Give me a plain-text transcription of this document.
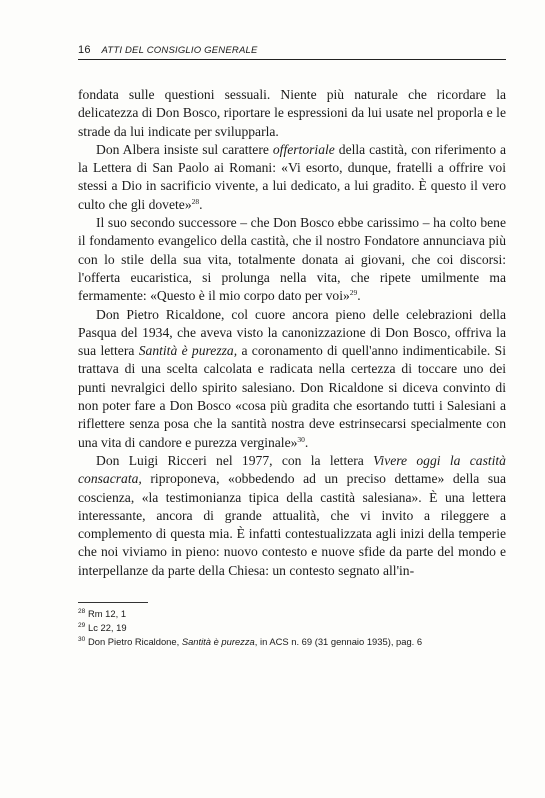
16 ATTI DEL CONSIGLIO GENERALE

fondata sulle questioni sessuali. Niente più naturale che ricordare la delicatezza di Don Bosco, riportare le espressioni da lui usate nel proporla e le strade da lui indicate per svilupparla.

Don Albera insiste sul carattere offertoriale della castità, con riferimento a la Lettera di San Paolo ai Romani: «Vi esorto, dunque, fratelli a offrire voi stessi a Dio in sacrificio vivente, a lui dedicato, a lui gradito. È questo il vero culto che gli dovete»$^{28}$.

Il suo secondo successore – che Don Bosco ebbe carissimo – ha colto bene il fondamento evangelico della castità, che il nostro Fondatore annunciava più con lo stile della sua vita, totalmente donata ai giovani, che coi discorsi: l'offerta eucaristica, si prolunga nella vita, che ripete umilmente ma fermamente: «Questo è il mio corpo dato per voi»$^{29}$.

Don Pietro Ricaldone, col cuore ancora pieno delle celebrazioni della Pasqua del 1934, che aveva visto la canonizzazione di Don Bosco, offriva la sua lettera Santità è purezza, a coronamento di quell'anno indimenticabile. Si trattava di una scelta calcolata e radicata nella certezza di toccare uno dei punti nevralgici dello spirito salesiano. Don Ricaldone si diceva convinto di non poter fare a Don Bosco «cosa più gradita che esortando tutti i Salesiani a riflettere senza posa che la santità nostra deve estrinsecarsi specialmente con una vita di candore e purezza verginale»$^{30}$.

Don Luigi Ricceri nel 1977, con la lettera Vivere oggi la castità consacrata, riproponeva, «obbedendo ad un preciso dettame» della sua coscienza, «la testimonianza tipica della castità salesiana». È una lettera interessante, ancora di grande attualità, che vi invito a rileggere a complemento di questa mia. È infatti contestualizzata agli inizi della temperie che noi viviamo in pieno: nuovo contesto e nuove sfide da parte del mondo e interpellanze da parte della Chiesa: un contesto segnato all'in-

28 Rm 12, 1
29 Lc 22, 19
30 Don Pietro Ricaldone, Santità è purezza, in ACS n. 69 (31 gennaio 1935), pag. 6
